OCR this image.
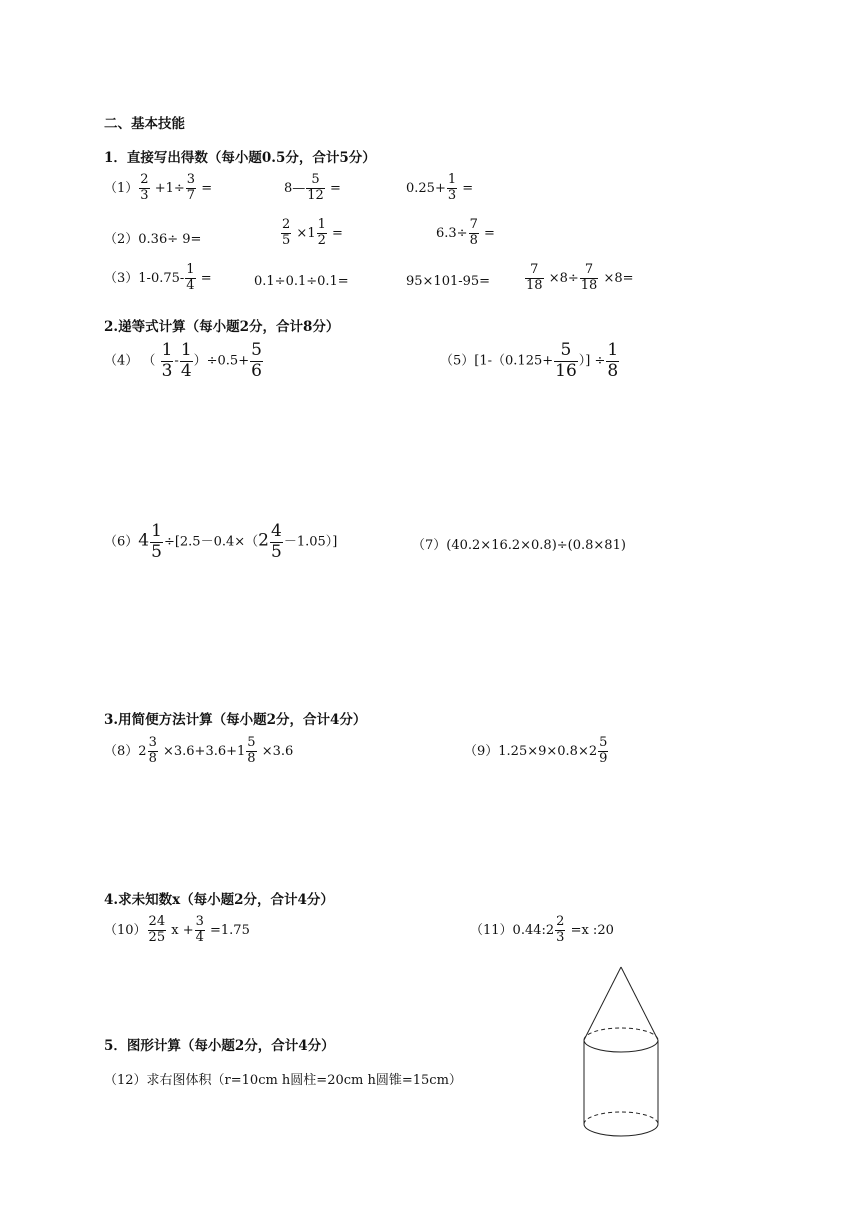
二、基本技能
1．直接写出得数（每小题0.5分，合计5分）
$(1) \frac{2}{3} +1\div \frac{3}{7}$ =	8— $\frac{5}{12}$ =	$0.25+ \frac{1}{3}$ =
（2）0.36÷ 9=	$\frac{2}{5} \times 1 \frac{1}{2}$ =	$6.3\div \frac{7}{8}$ =
$(3)1-0.75- \frac{1}{4}$ =	0.1÷0.1÷0.1=	95×101-95=	$\frac{7}{18} \times 8\div \frac{7}{18} \times 8=$
2.递等式计算（每小题2分，合计8分）
（4） （ $\frac{1}{3} - \frac{1}{4} )\div 0.5+ \frac{5}{6}$	$(5)[1-(0.125+ \frac{5}{16}$ ）] ÷ $\frac{1}{8}$
$(6)4 \frac{1}{5} \div[2.5-0.4\times(2 \frac{4}{5} -1.05)]$	（7）(40.2×16.2×0.8)÷(0.8×81)
3.用简便方法计算（每小题2分，合计4分）
$(8)2 \frac{3}{8} \times 3.6+3.6+1 \frac{5}{8} \times 3.6$	$(9)1.25\times 9\times 0.8\times 2 \frac{5}{9}$
4.求未知数x（每小题2分，合计4分）
$(10) \frac{24}{25}$ $x + \frac{3}{4} =1.75$	（11）0.44:2 $\frac{2}{3} =x$ :20
5．图形计算（每小题2分，合计4分）
（12）求右图体积（r=10cm h圆柱=20cm h圆锥=15cm）
